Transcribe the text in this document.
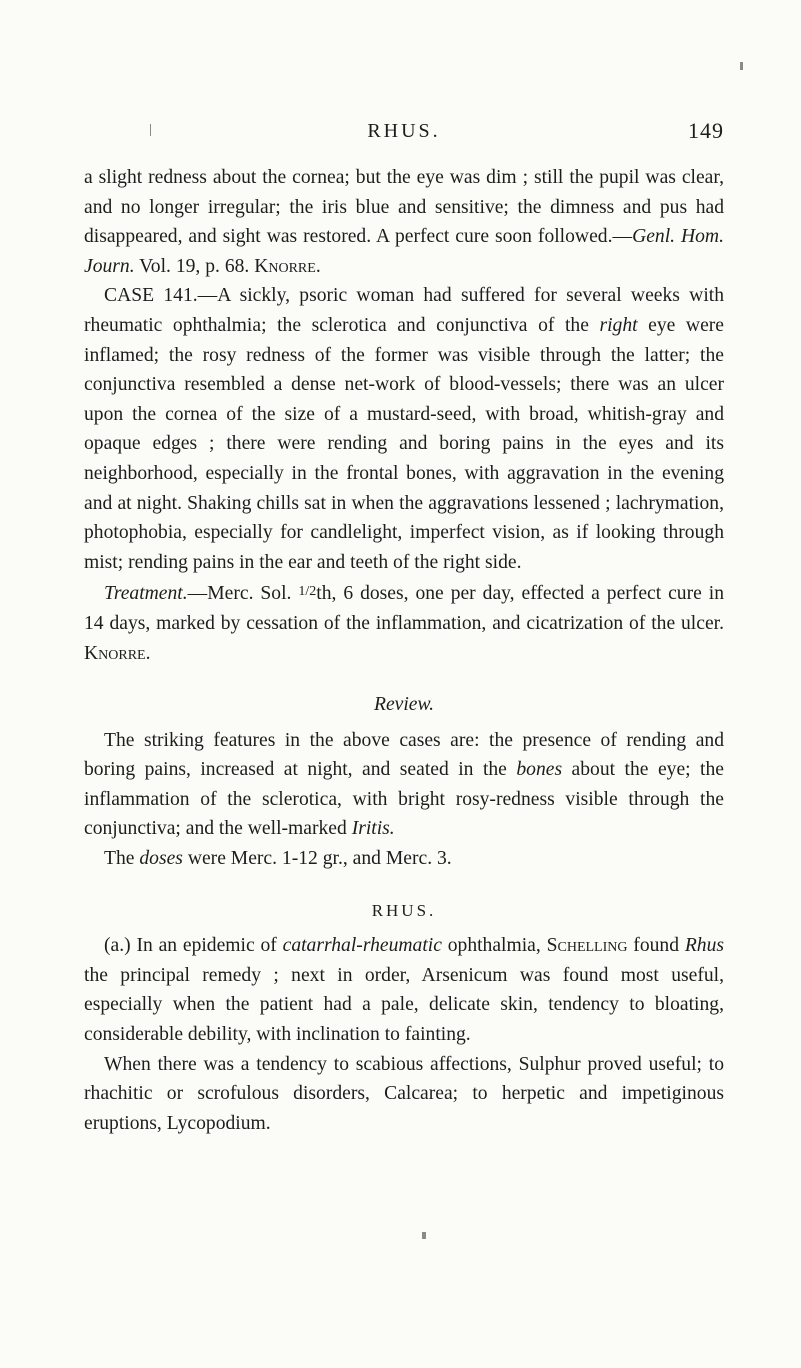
RHUS.	149

a slight redness about the cornea; but the eye was dim ; still the pupil was clear, and no longer irregular; the iris blue and sensitive; the dimness and pus had disappeared, and sight was restored. A perfect cure soon followed.—Genl. Hom. Journ. Vol. 19, p. 68. Knorre.

CASE 141.—A sickly, psoric woman had suffered for several weeks with rheumatic ophthalmia; the sclerotica and conjunctiva of the right eye were inflamed; the rosy redness of the former was visible through the latter; the conjunctiva resembled a dense net-work of blood-vessels; there was an ulcer upon the cornea of the size of a mustard-seed, with broad, whitish-gray and opaque edges ; there were rending and boring pains in the eyes and its neighborhood, especially in the frontal bones, with aggravation in the evening and at night. Shaking chills sat in when the aggravations lessened ; lachrymation, photophobia, especially for candlelight, imperfect vision, as if looking through mist; rending pains in the ear and teeth of the right side.

Treatment.—Merc. Sol. $^{1/2}$th, 6 doses, one per day, effected a perfect cure in 14 days, marked by cessation of the inflammation, and cicatrization of the ulcer. Knorre.

Review.

The striking features in the above cases are: the presence of rending and boring pains, increased at night, and seated in the bones about the eye; the inflammation of the sclerotica, with bright rosy-redness visible through the conjunctiva; and the well-marked Iritis.

The doses were Merc. 1-12 gr., and Merc. 3.

RHUS.

(a.) In an epidemic of catarrhal-rheumatic ophthalmia, Schelling found Rhus the principal remedy ; next in order, Arsenicum was found most useful, especially when the patient had a pale, delicate skin, tendency to bloating, considerable debility, with inclination to fainting.

When there was a tendency to scabious affections, Sulphur proved useful; to rhachitic or scrofulous disorders, Calcarea; to herpetic and impetiginous eruptions, Lycopodium.
